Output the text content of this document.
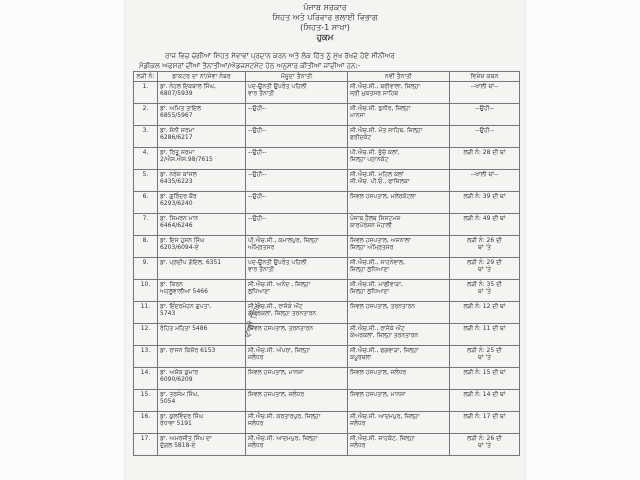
ਪੰਜਾਬ ਸਰਕਾਰ
ਸਿਹਤ ਅਤੇ ਪਰਿਵਾਰ ਭਲਾਈ ਵਿਭਾਗ
(ਸਿਹਤ-1 ਸਾਖਾ)
ਹੁਕਮ
ਰਾਜ ਵਿਚ ਚੰਗੀਆਂ ਸਿਹਤ ਸੇਵਾਵਾਂ ਪ੍ਰਦਾਨ ਕਰਨ ਅਤੇ ਲੋਕ ਹਿੱਤ ਨੂੰ ਮੁੱਖ ਰੱਖਦੇ ਹੋਏ ਸੀਨੀਅਰ
ਮੈਡੀਕਲ ਅਫਸਰਾਂ ਦੀਆਂ ਤੈਨਾਤੀਆਂ/ਐਡਜਸਟਮੈਂਟ ਹੇਠ ਅਨੁਸਾਰ ਕੀਤੀਆਂ ਜਾਂਦੀਆਂ ਹਨ:-
ਲੜੀ ਨੰ:	ਡਾਕਟਰ ਦਾ ਨਾਂ/ਸੇਵਾ ਨੰਬਰ	ਮੌਜੂਦਾ ਤੈਨਾਤੀ	ਨਵੀਂ ਤੈਨਾਤੀ	ਵਿਸ਼ੇਸ਼ ਕਥਨ
1.	ਡਾ. ਨੇਹਲ ਇਕਬਾਲ ਸਿੰਘ,
6807/5939	ਪਦ-ਉਨਤੀ ਉਪਰੰਤ ਪਹਿਲੀ
ਵਾਰ ਤੈਨਾਤੀ	ਸੀ.ਐਚ.ਸੀ., ਬਰੀਵਾਲਾ, ਜ਼ਿਲ੍ਹਾ
ਸ੍ਰੀ ਮੁਕਤਸਰ ਸਾਹਿਬ	--ਖਾਲੀ ਥਾਂ--
2.	ਡਾ. ਅਮਿਤ ਤਾਇਲ
6855/5967	--ਉਹੀ--	ਸੀ.ਐਚ.ਸੀ. ਝੁਨੀਰ, ਜ਼ਿਲ੍ਹਾ
ਮਾਨਸਾ	--ਉਹੀ--
3.	ਡਾ. ਸੋਨੀ ਸਰਮਾ
6286/6217	--ਉਹੀ--	ਸੀ.ਐਚ.ਸੀ. ਮੱਤ ਸਾਹਿਬ, ਜ਼ਿਲ੍ਹਾ
ਫਰੀਦਕੋਟ	--ਉਹੀ--
4.	ਡਾ. ਰਿਤੂ ਸਰਮਾ
2/ਐਸ.ਐਸ.98/7615	--ਉਹੀ--	ਪੀ.ਐਚ.ਸੀ. ਭੁੱਚੋ ਕਲਾਂ,
ਜ਼ਿਲ੍ਹਾ ਪਠਾਨਕੋਟ	ਲੜੀ ਨੰ: 28 ਦੀ ਥਾਂ
5.	ਡਾ. ਨਰੇਸ਼ ਕਾਂਸਲ
6435/6223	--ਉਹੀ--	ਸੀ.ਐਚ.ਸੀ. ਮਹਿਲ ਕਲਾਂ
ਜੀ.ਐਚ. ਪੀ.ਓ., ਫਾਜ਼ਿਲਕਾ	--ਖਾਲੀ ਥਾਂ--
6.	ਡਾ. ਗੁਰਿੰਦਰ ਕੌਰ
6293/6240	--ਉਹੀ--	ਸਿਵਲ ਹਸਪਤਾਲ, ਮਲੇਰਕੋਟਲਾ	ਲੜੀ ਨੰ: 39 ਦੀ ਥਾਂ
7.	ਡਾ. ਸਿਮਰਨ ਮਾਨ
6464/6246	--ਉਹੀ--	ਪੰਜਾਬ ਹੈਲਥ ਸਿਸਟਮਜ਼
ਕਾਰਪੋਰੇਸ਼ਨ ਮੋਹਾਲੀ	ਲੜੀ ਨੰ: 49 ਦੀ ਥਾਂ
8.	ਡਾ. ਇਸ ਹੁਸਨ ਸਿੰਘ
6203/6094-ਏ	ਪੀ.ਐਚ.ਸੀ., ਕਮਾਲਪੁਰ, ਜ਼ਿਲ੍ਹਾ
ਅੰਮ੍ਰਿਤਸਰ	ਸਿਵਲ ਹਸਪਤਾਲ, ਅਜਨਾਲਾ
ਜ਼ਿਲ੍ਹਾ ਅੰਮ੍ਰਿਤਸਰ	ਲੜੀ ਨੰ: 26 ਦੀ
ਥਾਂ 'ਤੇ
9.	ਡਾ. ਪ੍ਰਦੀਪ ਗੋਇਲ, 6351	ਪਦ-ਉਨਤੀ ਉਪਰੰਤ ਪਹਿਲੀ
ਵਾਰ ਤੈਨਾਤੀ	ਸੀ.ਐਚ.ਸੀ., ਸਾਹਨੇਵਾਲ,
ਜ਼ਿਲ੍ਹਾ ਲੁਧਿਆਣਾ	ਲੜੀ ਨੰ: 29 ਦੀ
ਥਾਂ 'ਤੇ
10.	ਡਾ. ਕਿਰਨ
ਅਹਲੂਵਾਲੀਆ 5466	ਸੀ.ਐਚ.ਸੀ. ਅਨੰਦ , ਜ਼ਿਲ੍ਹਾ
ਲੁਧਿਆਣਾ	ਸੀ.ਐਚ.ਸੀ. ਮਾਛੀਵਾੜਾ,
ਜ਼ਿਲ੍ਹਾ ਲੁਧਿਆਣਾ	ਲੜੀ ਨੰ: 35 ਦੀ
ਥਾਂ 'ਤੇ
11.	ਡਾ. ਇੰਦਰਮੋਹਨ ਗੁਪਤਾ,
5743	ਸੀ.ਐਚ.ਸੀ., ਰਾਜੋਕੇ ਔਟ
ਕੇਅਰਕਲਾਂ, ਜ਼ਿਲ੍ਹਾ ਤਰਨਤਾਰਨ	ਸਿਵਲ ਹਸਪਤਾਲ, ਤਰਨਤਾਰਨ	ਲੜੀ ਨੰ: 12 ਦੀ ਥਾਂ
12.	ਰੋਹਿਤ ਮਹਿਤਾ 5486	ਸਿਵਲ ਹਸਪਤਾਲ, ਤਰਨਤਾਰਨ	ਸੀ.ਐਚ.ਸੀ., ਰਾਜੋਕੇ ਔਟ
ਕੇਅਰਕਲਾਂ, ਜ਼ਿਲ੍ਹਾ ਤਰਨਤਾਰਨ	ਲੜੀ ਨੰ: 11 ਦੀ ਥਾਂ
13.	ਡਾ. ਰਾਜਨ ਕਿਸ਼ੋਰ 6153	ਸੀ.ਐਚ.ਸੀ. ਅੱਪਰਾ, ਜ਼ਿਲ੍ਹਾ
ਜਲੰਧਰ	ਸੀ.ਐਚ.ਸੀ., ਫਗਵਾੜਾ, ਜ਼ਿਲ੍ਹਾ
ਕਪੂਰਥਲਾ	ਲੜੀ ਨੰ: 25 ਦੀ
ਥਾਂ 'ਤੇ
14.	ਡਾ. ਅਸ਼ੋਕ ਕੁਮਾਰ
6090/6209	ਸਿਵਲ ਹਸਪਤਾਲ, ਮਾਨਸਾ	ਸਿਵਲ ਹਸਪਤਾਲ, ਜਲੰਧਰ	ਲੜੀ ਨੰ: 15 ਦੀ ਥਾਂ
15.	ਡਾ. ਤਰਸੇਮ ਸਿੰਘ,
5054	ਸਿਵਲ ਹਸਪਤਾਲ, ਜਲੰਧਰ	ਸਿਵਲ ਹਸਪਤਾਲ, ਮਾਨਸਾ	ਲੜੀ ਨੰ: 14 ਦੀ ਥਾਂ
16.	ਡਾ. ਕੁਲਵਿੰਦਰ ਸਿੰਘ
ਰੰਧਾਵਾ 5191	ਸੀ.ਐਚ.ਸੀ. ਕਰਤਾਰਪੁਰ, ਜ਼ਿਲ੍ਹਾ
ਜਲੰਧਰ	ਸੀ.ਐਚ.ਸੀ. ਆਦਮਪੁਰ, ਜ਼ਿਲ੍ਹਾ
ਜਲੰਧਰ	ਲੜੀ ਨੰ: 17 ਦੀ ਥਾਂ
17.	ਡਾ. ਅਮਰਜੀਤ ਸਿੰਘ ਦਾ
ਦੁੱਗਲ 5818-ਏ	ਸੀ.ਐਚ.ਸੀ. ਆਦਮਪੁਰ, ਜ਼ਿਲ੍ਹਾ
ਜਲੰਧਰ	ਸੀ.ਐਚ.ਸੀ. ਸਾਹਕੋਟ, ਜ਼ਿਲ੍ਹਾ
ਜਲੰਧਰ	ਲੜੀ ਨੰ: 26 ਦੀ
ਥਾਂ 'ਤੇ
ਵਾਸ਼ੀ ਸਿੰਘ
